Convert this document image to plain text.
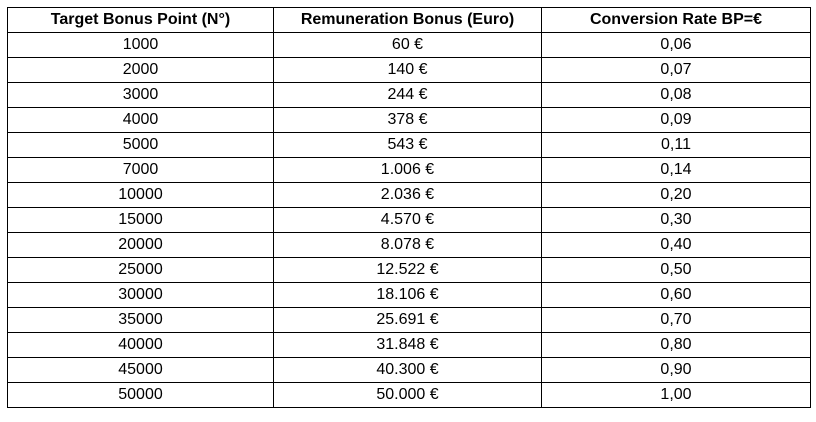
Target Bonus Point (N°)	Remuneration Bonus (Euro)	Conversion Rate BP=€
1000	60 €	0,06
2000	140 €	0,07
3000	244 €	0,08
4000	378 €	0,09
5000	543 €	0,11
7000	1.006 €	0,14
10000	2.036 €	0,20
15000	4.570 €	0,30
20000	8.078 €	0,40
25000	12.522 €	0,50
30000	18.106 €	0,60
35000	25.691 €	0,70
40000	31.848 €	0,80
45000	40.300 €	0,90
50000	50.000 €	1,00
